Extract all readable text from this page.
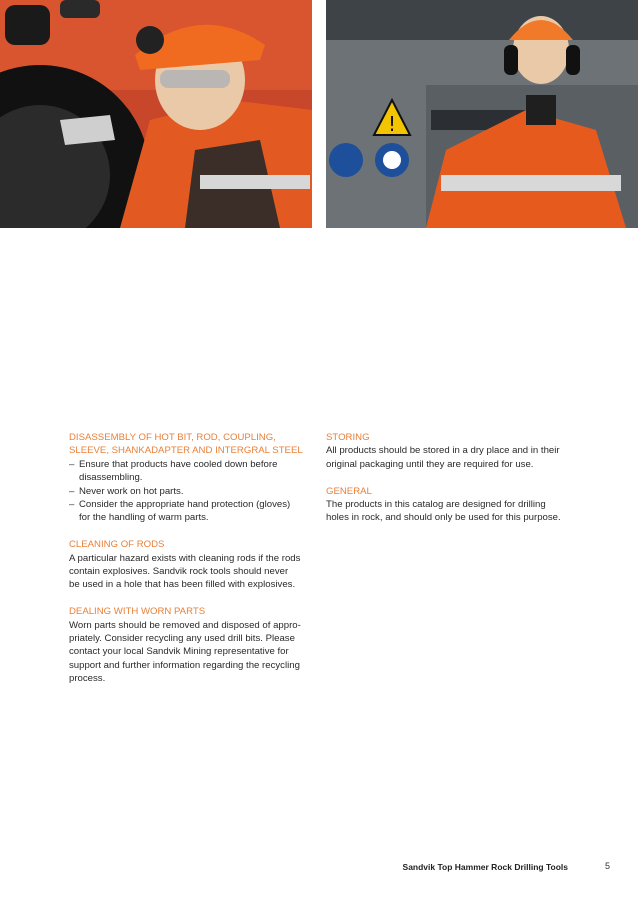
!
DISASSEMBLY OF HOT BIT, ROD, COUPLING,
SLEEVE, SHANKADAPTER AND INTERGRAL STEEL
– Ensure that products have cooled down before
disassembling.
– Never work on hot parts.
– Consider the appropriate hand protection (gloves)
for the handling of warm parts.
CLEANING OF RODS

A particular hazard exists with cleaning rods if the rods
contain explosives. Sandvik rock tools should never
be used in a hole that has been filled with explosives.

DEALING WITH WORN PARTS

Worn parts should be removed and disposed of appro-
priately. Consider recycling any used drill bits. Please
contact your local Sandvik Mining representative for
support and further information regarding the recycling
process.

STORING

All products should be stored in a dry place and in their
original packaging until they are required for use.

GENERAL

The products in this catalog are designed for drilling
holes in rock, and should only be used for this purpose.

Sandvik Top Hammer Rock Drilling Tools	5
